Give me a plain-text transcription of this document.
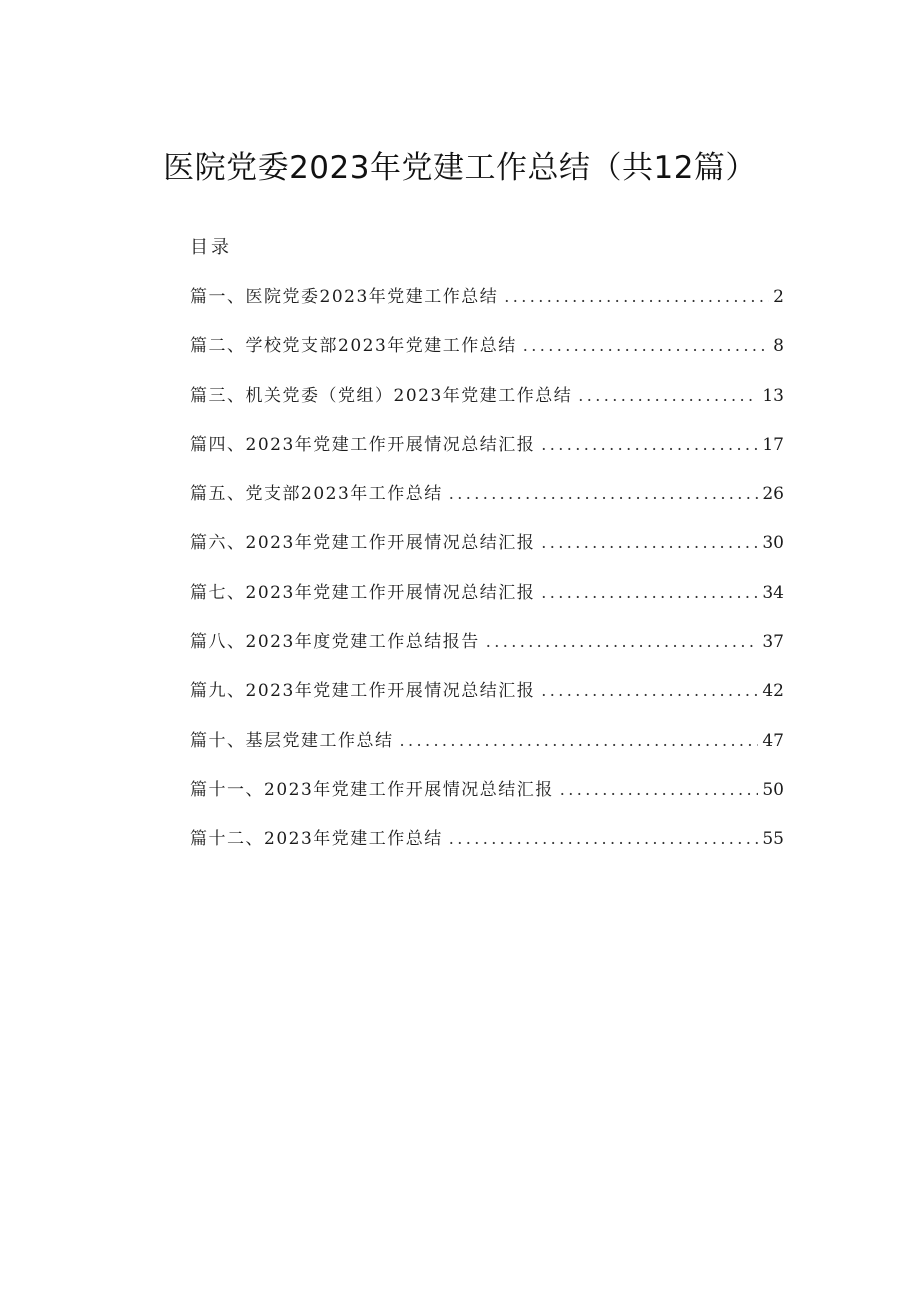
医院党委2023年党建工作总结（共12篇）
目录
篇一、医院党委2023年党建工作总结 .....	2
篇二、学校党支部2023年党建工作总结 .....	8
篇三、机关党委（党组）2023年党建工作总结 .....	13
篇四、2023年党建工作开展情况总结汇报 .....	17
篇五、党支部2023年工作总结 .....	26
篇六、2023年党建工作开展情况总结汇报 .....	30
篇七、2023年党建工作开展情况总结汇报 .....	34
篇八、2023年度党建工作总结报告 .....	37
篇九、2023年党建工作开展情况总结汇报 .....	42
篇十、基层党建工作总结 .....	47
篇十一、2023年党建工作开展情况总结汇报 .....	50
篇十二、2023年党建工作总结 .....	55
